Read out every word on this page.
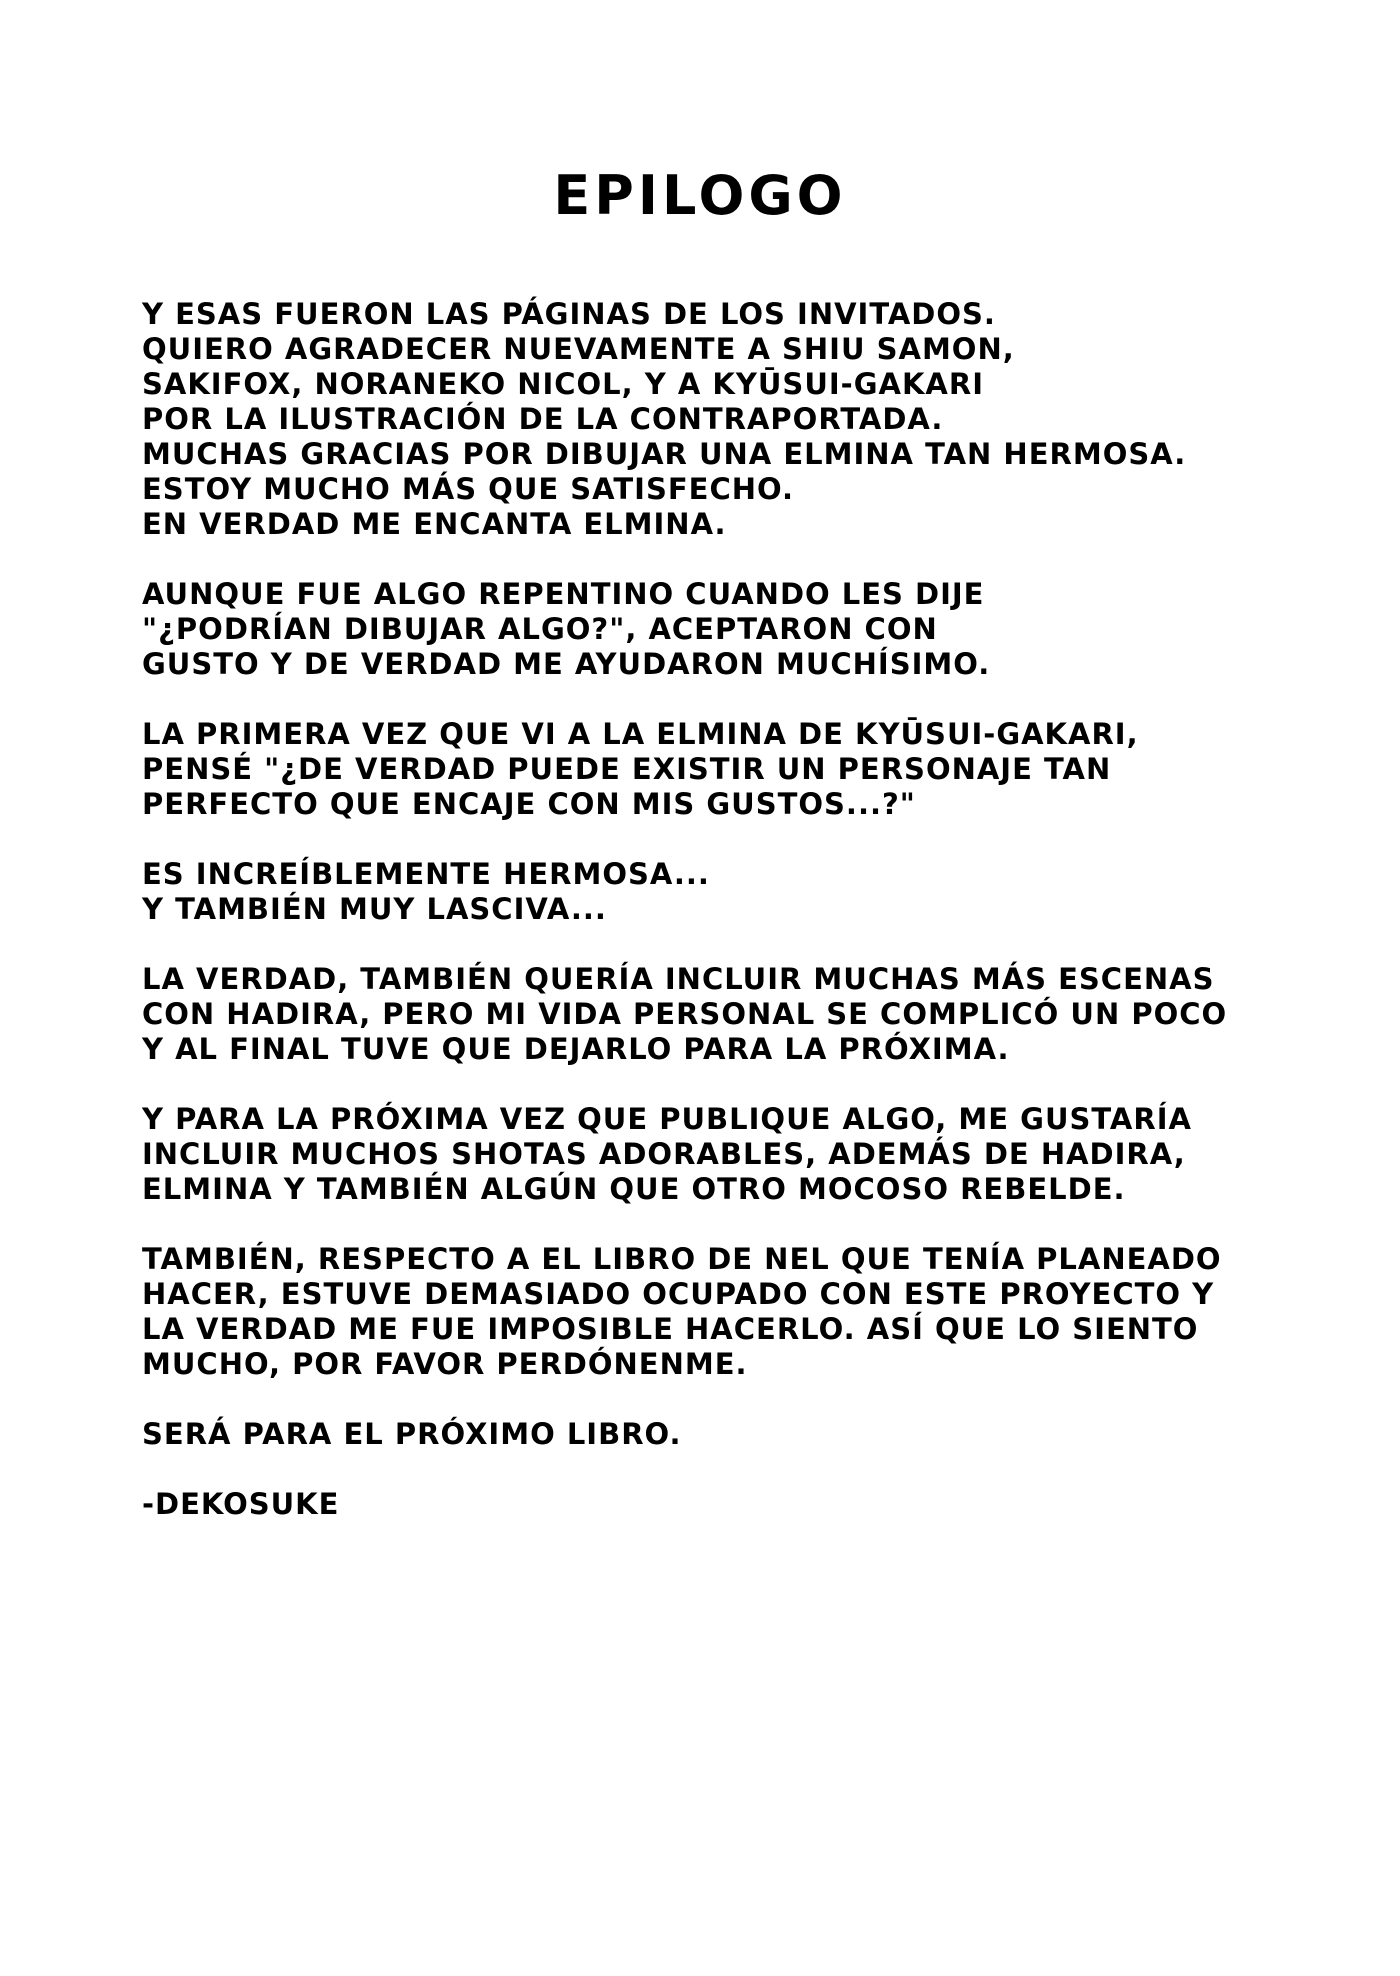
EPILOGO
Y ESAS FUERON LAS PÁGINAS DE LOS INVITADOS.
QUIERO AGRADECER NUEVAMENTE A SHIU SAMON,
SAKIFOX, NORANEKO NICOL, Y A KYŪSUI-GAKARI
POR LA ILUSTRACIÓN DE LA CONTRAPORTADA.
MUCHAS GRACIAS POR DIBUJAR UNA ELMINA TAN HERMOSA.
ESTOY MUCHO MÁS QUE SATISFECHO.
EN VERDAD ME ENCANTA ELMINA.
AUNQUE FUE ALGO REPENTINO CUANDO LES DIJE
"¿PODRÍAN DIBUJAR ALGO?", ACEPTARON CON
GUSTO Y DE VERDAD ME AYUDARON MUCHÍSIMO.
LA PRIMERA VEZ QUE VI A LA ELMINA DE KYŪSUI-GAKARI,
PENSÉ "¿DE VERDAD PUEDE EXISTIR UN PERSONAJE TAN
PERFECTO QUE ENCAJE CON MIS GUSTOS...?"
ES INCREÍBLEMENTE HERMOSA...
Y TAMBIÉN MUY LASCIVA...
LA VERDAD, TAMBIÉN QUERÍA INCLUIR MUCHAS MÁS ESCENAS
CON HADIRA, PERO MI VIDA PERSONAL SE COMPLICÓ UN POCO
Y AL FINAL TUVE QUE DEJARLO PARA LA PRÓXIMA.
Y PARA LA PRÓXIMA VEZ QUE PUBLIQUE ALGO, ME GUSTARÍA
INCLUIR MUCHOS SHOTAS ADORABLES, ADEMÁS DE HADIRA,
ELMINA Y TAMBIÉN ALGÚN QUE OTRO MOCOSO REBELDE.
TAMBIÉN, RESPECTO A EL LIBRO DE NEL QUE TENÍA PLANEADO
HACER, ESTUVE DEMASIADO OCUPADO CON ESTE PROYECTO Y
LA VERDAD ME FUE IMPOSIBLE HACERLO. ASÍ QUE LO SIENTO
MUCHO, POR FAVOR PERDÓNENME.
SERÁ PARA EL PRÓXIMO LIBRO.
-DEKOSUKE
